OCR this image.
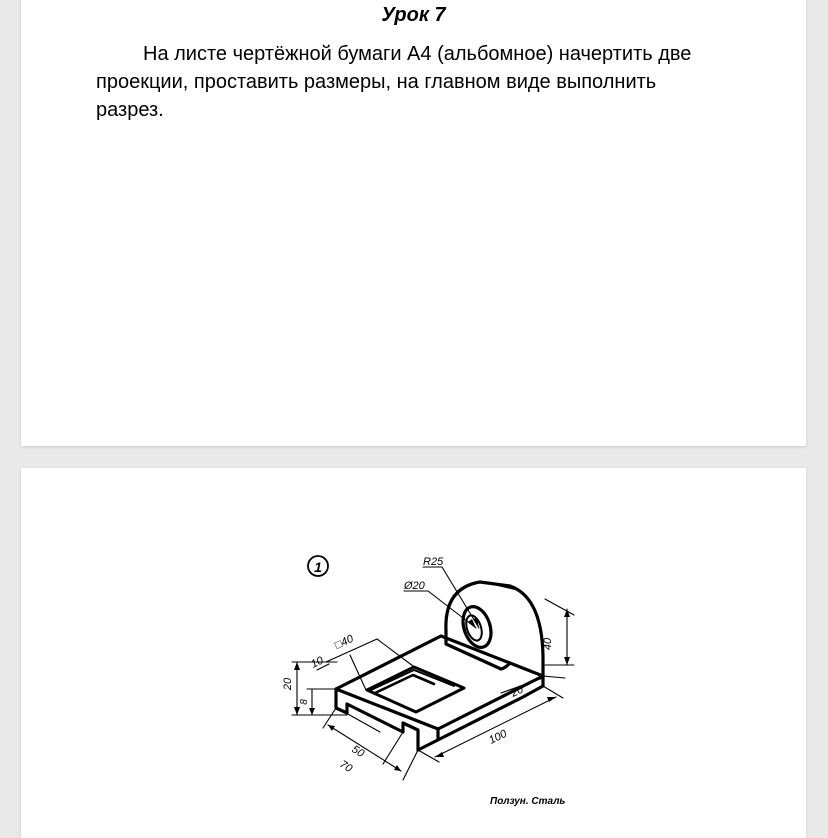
Урок 7

На листе чертёжной бумаги А4 (альбомное) начертить две
проекции, проставить размеры, на главном виде выполнить
разрез.

1	R25
Ø20
□40
10
20
8
40
20
100
50
70
Ползун. Сталь
